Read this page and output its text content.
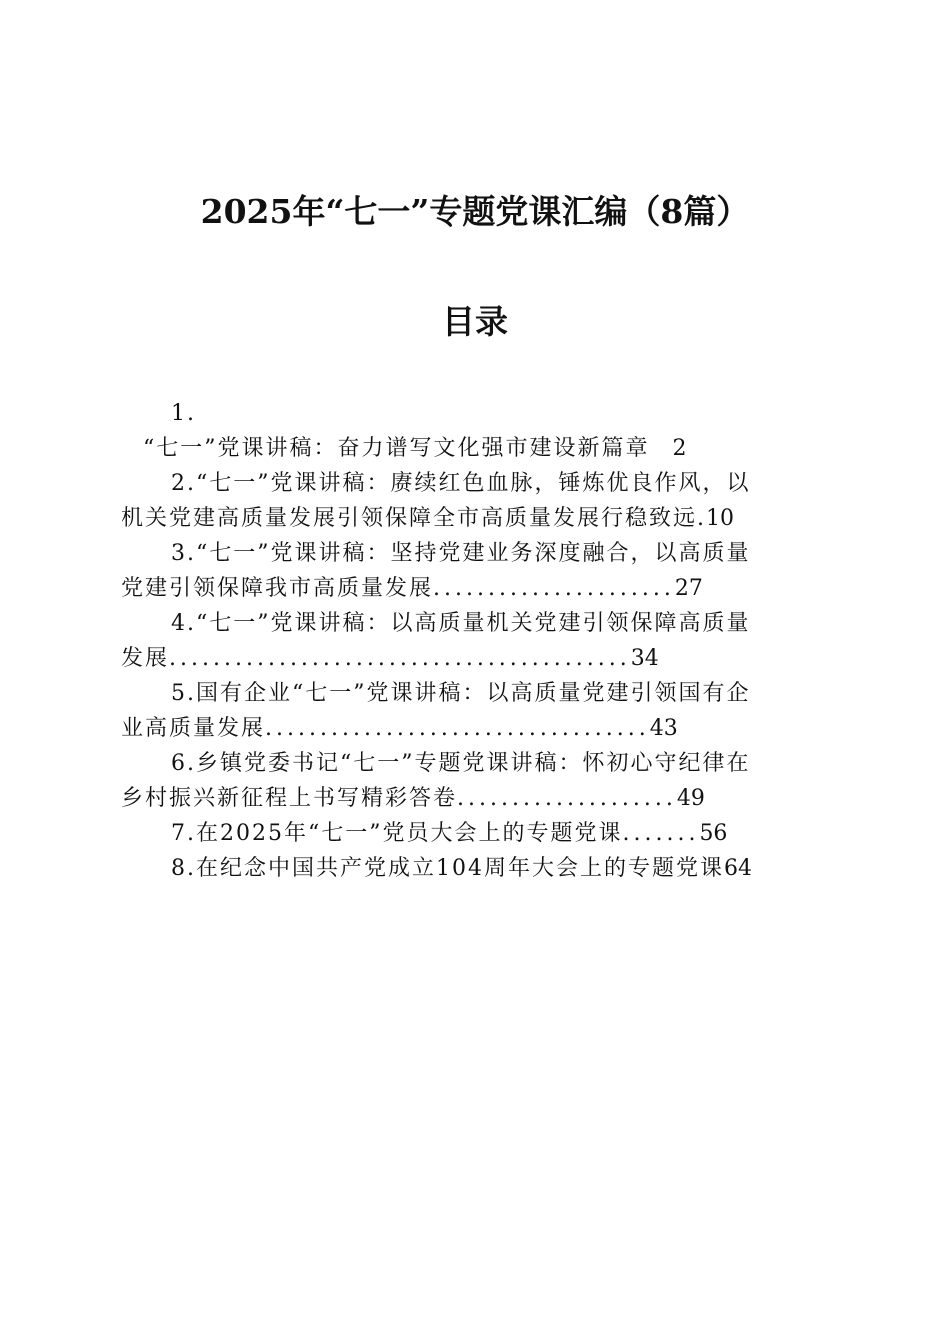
2025年“七一”专题党课汇编（8篇）
目录
1.
“七一”党课讲稿：奋力谱写文化强市建设新篇章 2
2.“七一”党课讲稿：赓续红色血脉，锤炼优良作风，以
机关党建高质量发展引领保障全市高质量发展行稳致远.10
3.“七一”党课讲稿：坚持党建业务深度融合，以高质量
党建引领保障我市高质量发展......................27
4.“七一”党课讲稿：以高质量机关党建引领保障高质量
发展..........................................34
5.国有企业“七一”党课讲稿：以高质量党建引领国有企
业高质量发展...................................43
6.乡镇党委书记“七一”专题党课讲稿：怀初心守纪律在
乡村振兴新征程上书写精彩答卷....................49
7.在2025年“七一”党员大会上的专题党课.......56
8.在纪念中国共产党成立104周年大会上的专题党课64
